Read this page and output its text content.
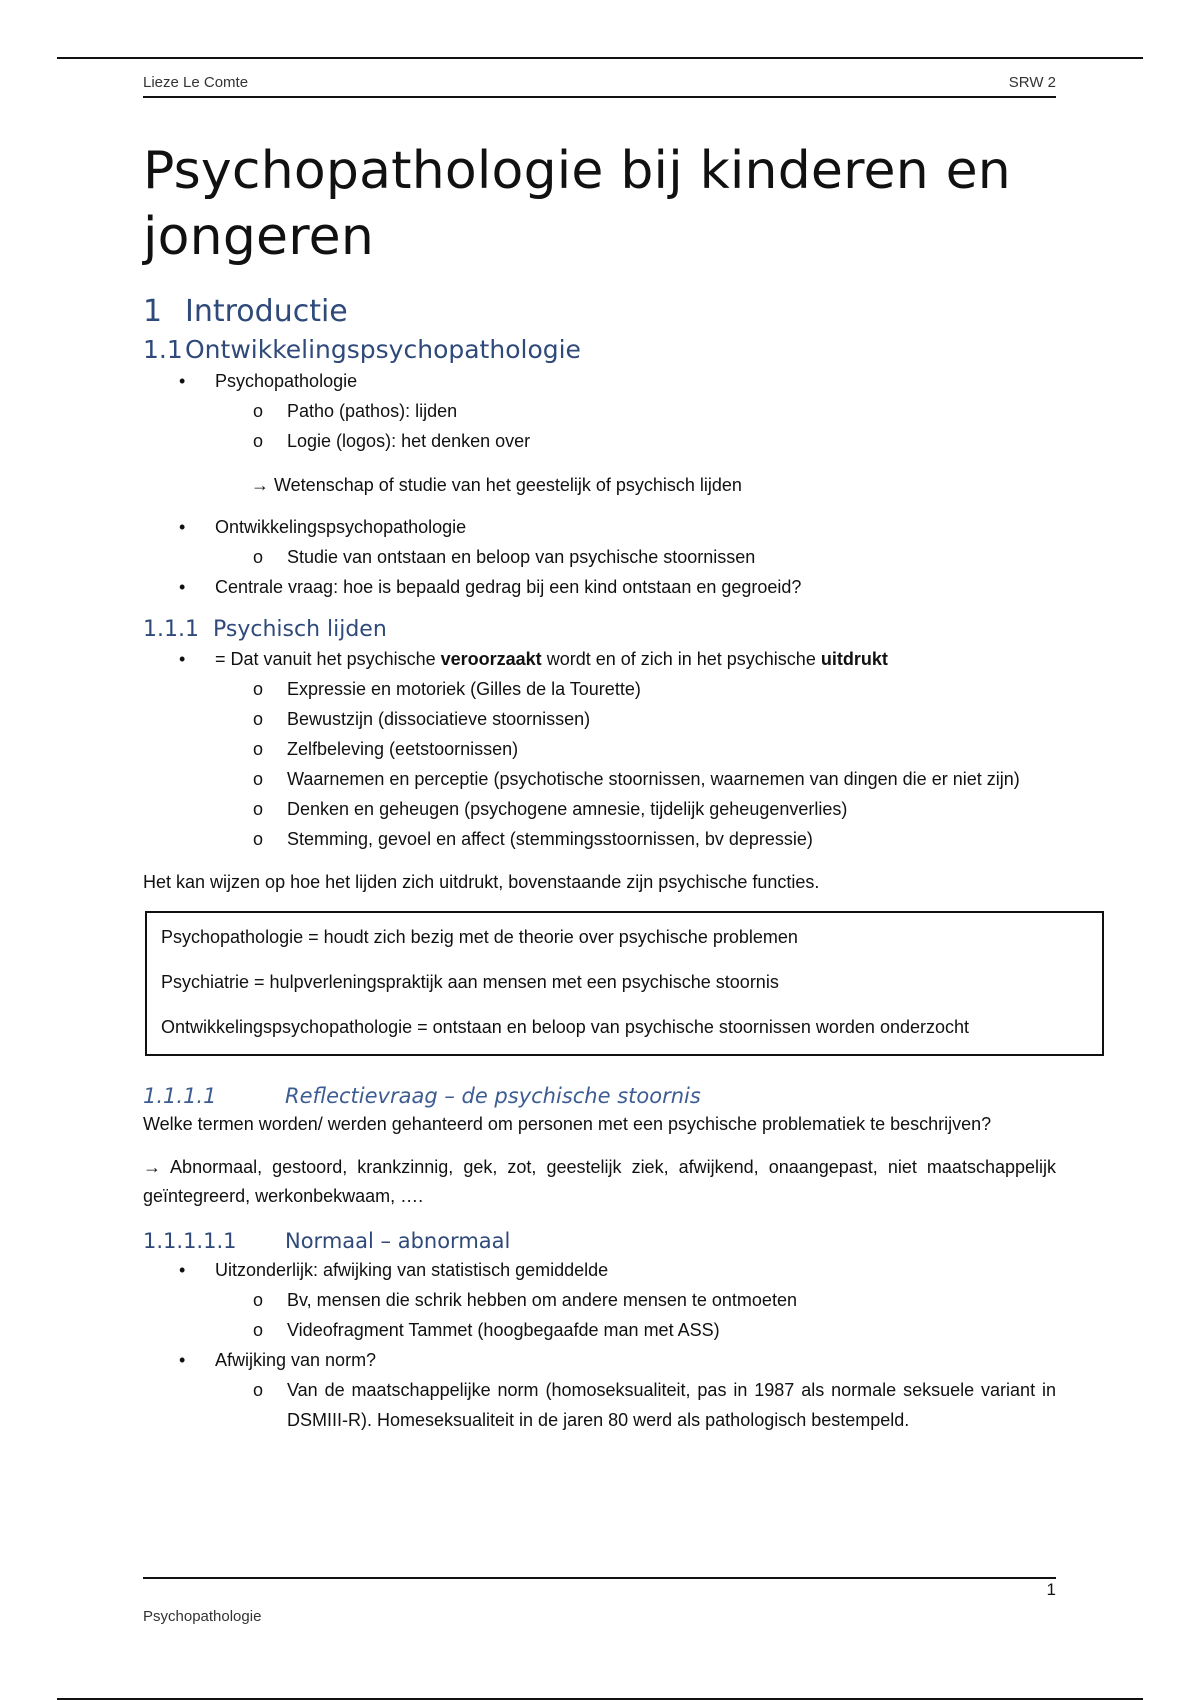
Lieze Le Comte	SRW 2
Psychopathologie bij kinderen en jongeren
1 Introductie
1.1Ontwikkelingspsychopathologie
• Psychopathologie
o Patho (pathos): lijden
o Logie (logos): het denken over
→ Wetenschap of studie van het geestelijk of psychisch lijden
• Ontwikkelingspsychopathologie
o Studie van ontstaan en beloop van psychische stoornissen
• Centrale vraag: hoe is bepaald gedrag bij een kind ontstaan en gegroeid?
1.1.1 Psychisch lijden
• = Dat vanuit het psychische veroorzaakt wordt en of zich in het psychische uitdrukt
o Expressie en motoriek (Gilles de la Tourette)
o Bewustzijn (dissociatieve stoornissen)
o Zelfbeleving (eetstoornissen)
o Waarnemen en perceptie (psychotische stoornissen, waarnemen van dingen die er niet zijn)
o Denken en geheugen (psychogene amnesie, tijdelijk geheugenverlies)
o Stemming, gevoel en affect (stemmingsstoornissen, bv depressie)

Het kan wijzen op hoe het lijden zich uitdrukt, bovenstaande zijn psychische functies.

Psychopathologie = houdt zich bezig met de theorie over psychische problemen

Psychiatrie = hulpverleningspraktijk aan mensen met een psychische stoornis

Ontwikkelingspsychopathologie = ontstaan en beloop van psychische stoornissen worden onderzocht

1.1.1.1	Reflectievraag – de psychische stoornis

Welke termen worden/ werden gehanteerd om personen met een psychische problematiek te beschrijven?

→ Abnormaal, gestoord, krankzinnig, gek, zot, geestelijk ziek, afwijkend, onaangepast, niet maatschappelijk geïntegreerd, werkonbekwaam, ….

1.1.1.1.1 Normaal – abnormaal
• Uitzonderlijk: afwijking van statistisch gemiddelde
o Bv, mensen die schrik hebben om andere mensen te ontmoeten
o Videofragment Tammet (hoogbegaafde man met ASS)
• Afwijking van norm?
o Van de maatschappelijke norm (homoseksualiteit, pas in 1987 als normale seksuele variant in DSMIII-R). Homeseksualiteit in de jaren 80 werd als pathologisch bestempeld.
1
Psychopathologie
